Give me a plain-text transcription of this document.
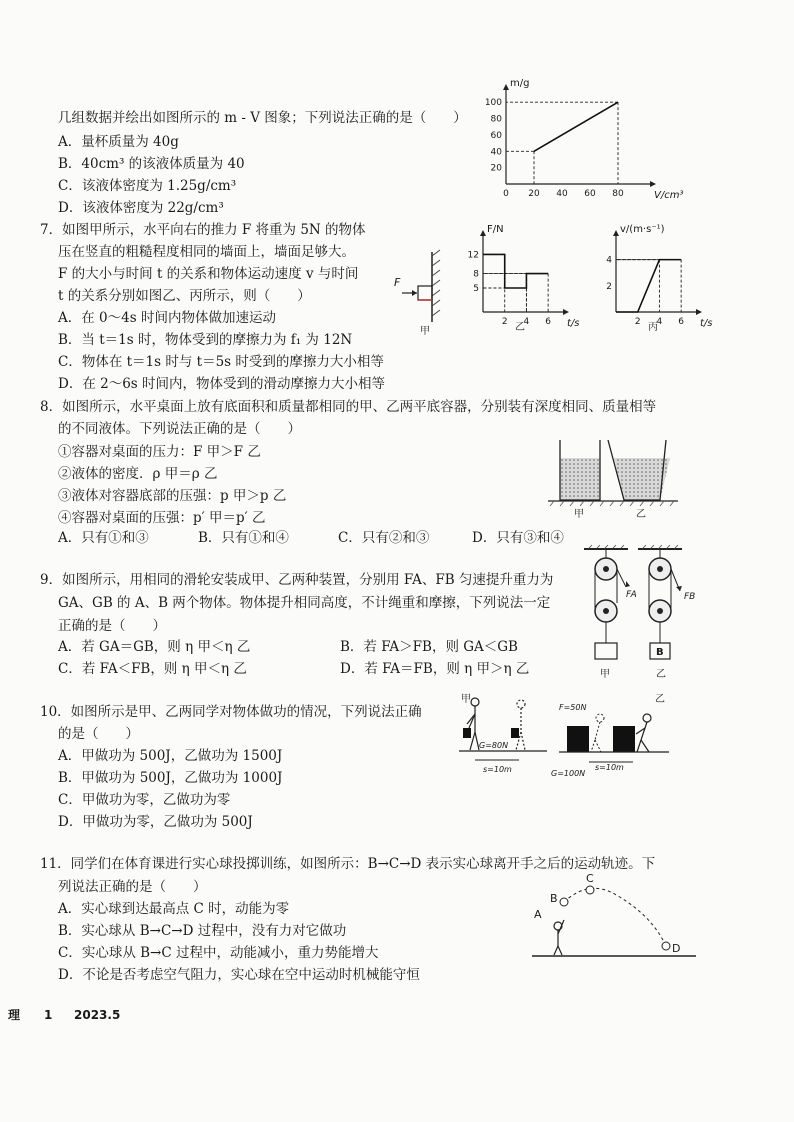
几组数据并绘出如图所示的 m - V 图象；下列说法正确的是（　　）
A．量杯质量为 40g
B．40cm³ 的该液体质量为 40
C．该液体密度为 1.25g/cm³
D．该液体密度为 22g/cm³
0 20 40 60 80
20
40
60
80
100
m/g
V/cm³
7．如图甲所示，水平向右的推力 F 将重为 5N 的物体
压在竖直的粗糙程度相同的墙面上，墙面足够大。
F 的大小与时间 t 的关系和物体运动速度 v 与时间
t 的关系分别如图乙、丙所示，则（　　）
A．在 0～4s 时间内物体做加速运动
B．当 t＝1s 时，物体受到的摩擦力为 f₁ 为 12N
C．物体在 t＝1s 时与 t＝5s 时受到的摩擦力大小相等
D．在 2～6s 时间内，物体受到的滑动摩擦力大小相等
F
甲
2 4 6
5
8
12
F/N
t/s
乙	2 4 6
2
4
v/(m·s⁻¹)
t/s
丙
8．如图所示，水平桌面上放有底面积和质量都相同的甲、乙两平底容器，分别装有深度相同、质量相等
的不同液体。下列说法正确的是（　　）
①容器对桌面的压力：F 甲＞F 乙
②液体的密度．ρ 甲＝ρ 乙
③液体对容器底部的压强：p 甲＞p 乙
④容器对桌面的压强：p′ 甲＝p′ 乙
A．只有①和③	B．只有①和④	C．只有②和③	D．只有③和④
甲	乙
9．如图所示，用相同的滑轮安装成甲、乙两种装置，分别用 FA、FB 匀速提升重力为
GA、GB 的 A、B 两个物体。物体提升相同高度，不计绳重和摩擦，下列说法一定
正确的是（　　）
A．若 GA＝GB，则 η 甲＜η 乙	B．若 FA＞FB，则 GA＜GB
C．若 FA＜FB，则 η 甲＜η 乙	D．若 FA＝FB，则 η 甲＞η 乙
FA
甲
FB
B
乙
10．如图所示是甲、乙两同学对物体做功的情况，下列说法正确
的是（　　）
A．甲做功为 500J，乙做功为 1500J
B．甲做功为 500J，乙做功为 1000J
C．甲做功为零，乙做功为零
D．甲做功为零，乙做功为 500J
甲
G=80N
s=10m
F=50N
乙
s=10m
G=100N
11．同学们在体育课进行实心球投掷训练，如图所示：B→C→D 表示实心球离开手之后的运动轨迹。下
列说法正确的是（　　）
A．实心球到达最高点 C 时，动能为零
B．实心球从 B→C→D 过程中，没有力对它做功
C．实心球从 B→C 过程中，动能减小，重力势能增大
D．不论是否考虑空气阻力，实心球在空中运动时机械能守恒
A
B
C
D
理 1 2023.5
